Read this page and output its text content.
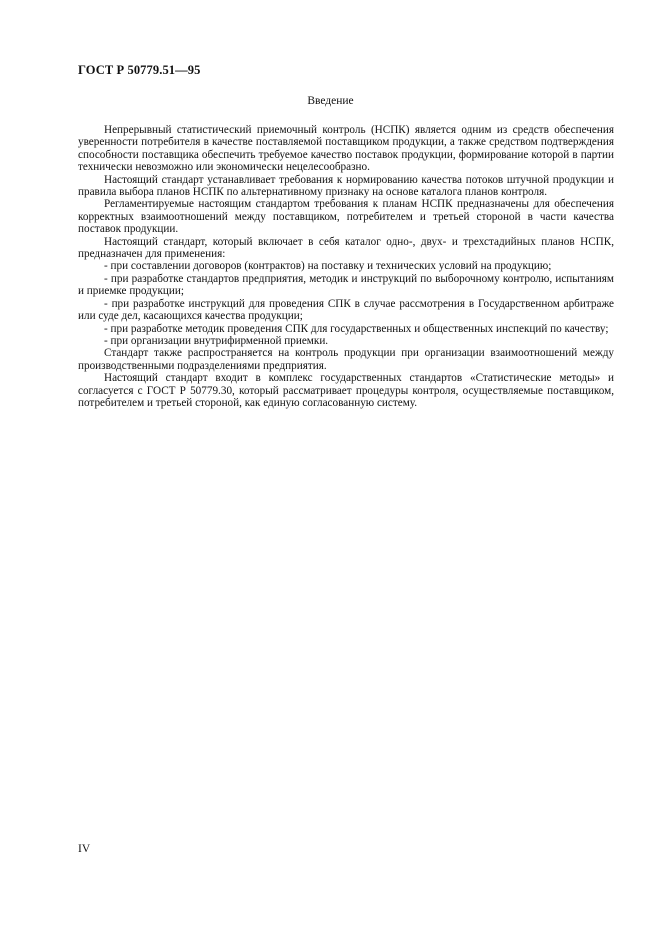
ГОСТ Р 50779.51—95
Введение

Непрерывный статистический приемочный контроль (НСПК) является одним из средств обеспечения уверенности потребителя в качестве поставляемой поставщиком продукции, а также средством подтверждения способности поставщика обеспечить требуемое качество поставок продукции, формирование которой в партии технически невозможно или экономически нецелесообразно.

Настоящий стандарт устанавливает требования к нормированию качества потоков штучной продукции и правила выбора планов НСПК по альтернативному признаку на основе каталога планов контроля.

Регламентируемые настоящим стандартом требования к планам НСПК предназначены для обеспечения корректных взаимоотношений между поставщиком, потребителем и третьей стороной в части качества поставок продукции.

Настоящий стандарт, который включает в себя каталог одно-, двух- и трехстадийных планов НСПК, предназначен для применения:

- при составлении договоров (контрактов) на поставку и технических условий на продукцию;

- при разработке стандартов предприятия, методик и инструкций по выборочному контролю, испытаниям и приемке продукции;

- при разработке инструкций для проведения СПК в случае рассмотрения в Государственном арбитраже или суде дел, касающихся качества продукции;

- при разработке методик проведения СПК для государственных и общественных инспекций по качеству;

- при организации внутрифирменной приемки.

Стандарт также распространяется на контроль продукции при организации взаимоотношений между производственными подразделениями предприятия.

Настоящий стандарт входит в комплекс государственных стандартов «Статистические методы» и согласуется с ГОСТ Р 50779.30, который рассматривает процедуры контроля, осуществляемые поставщиком, потребителем и третьей стороной, как единую согласованную систему.

IV
